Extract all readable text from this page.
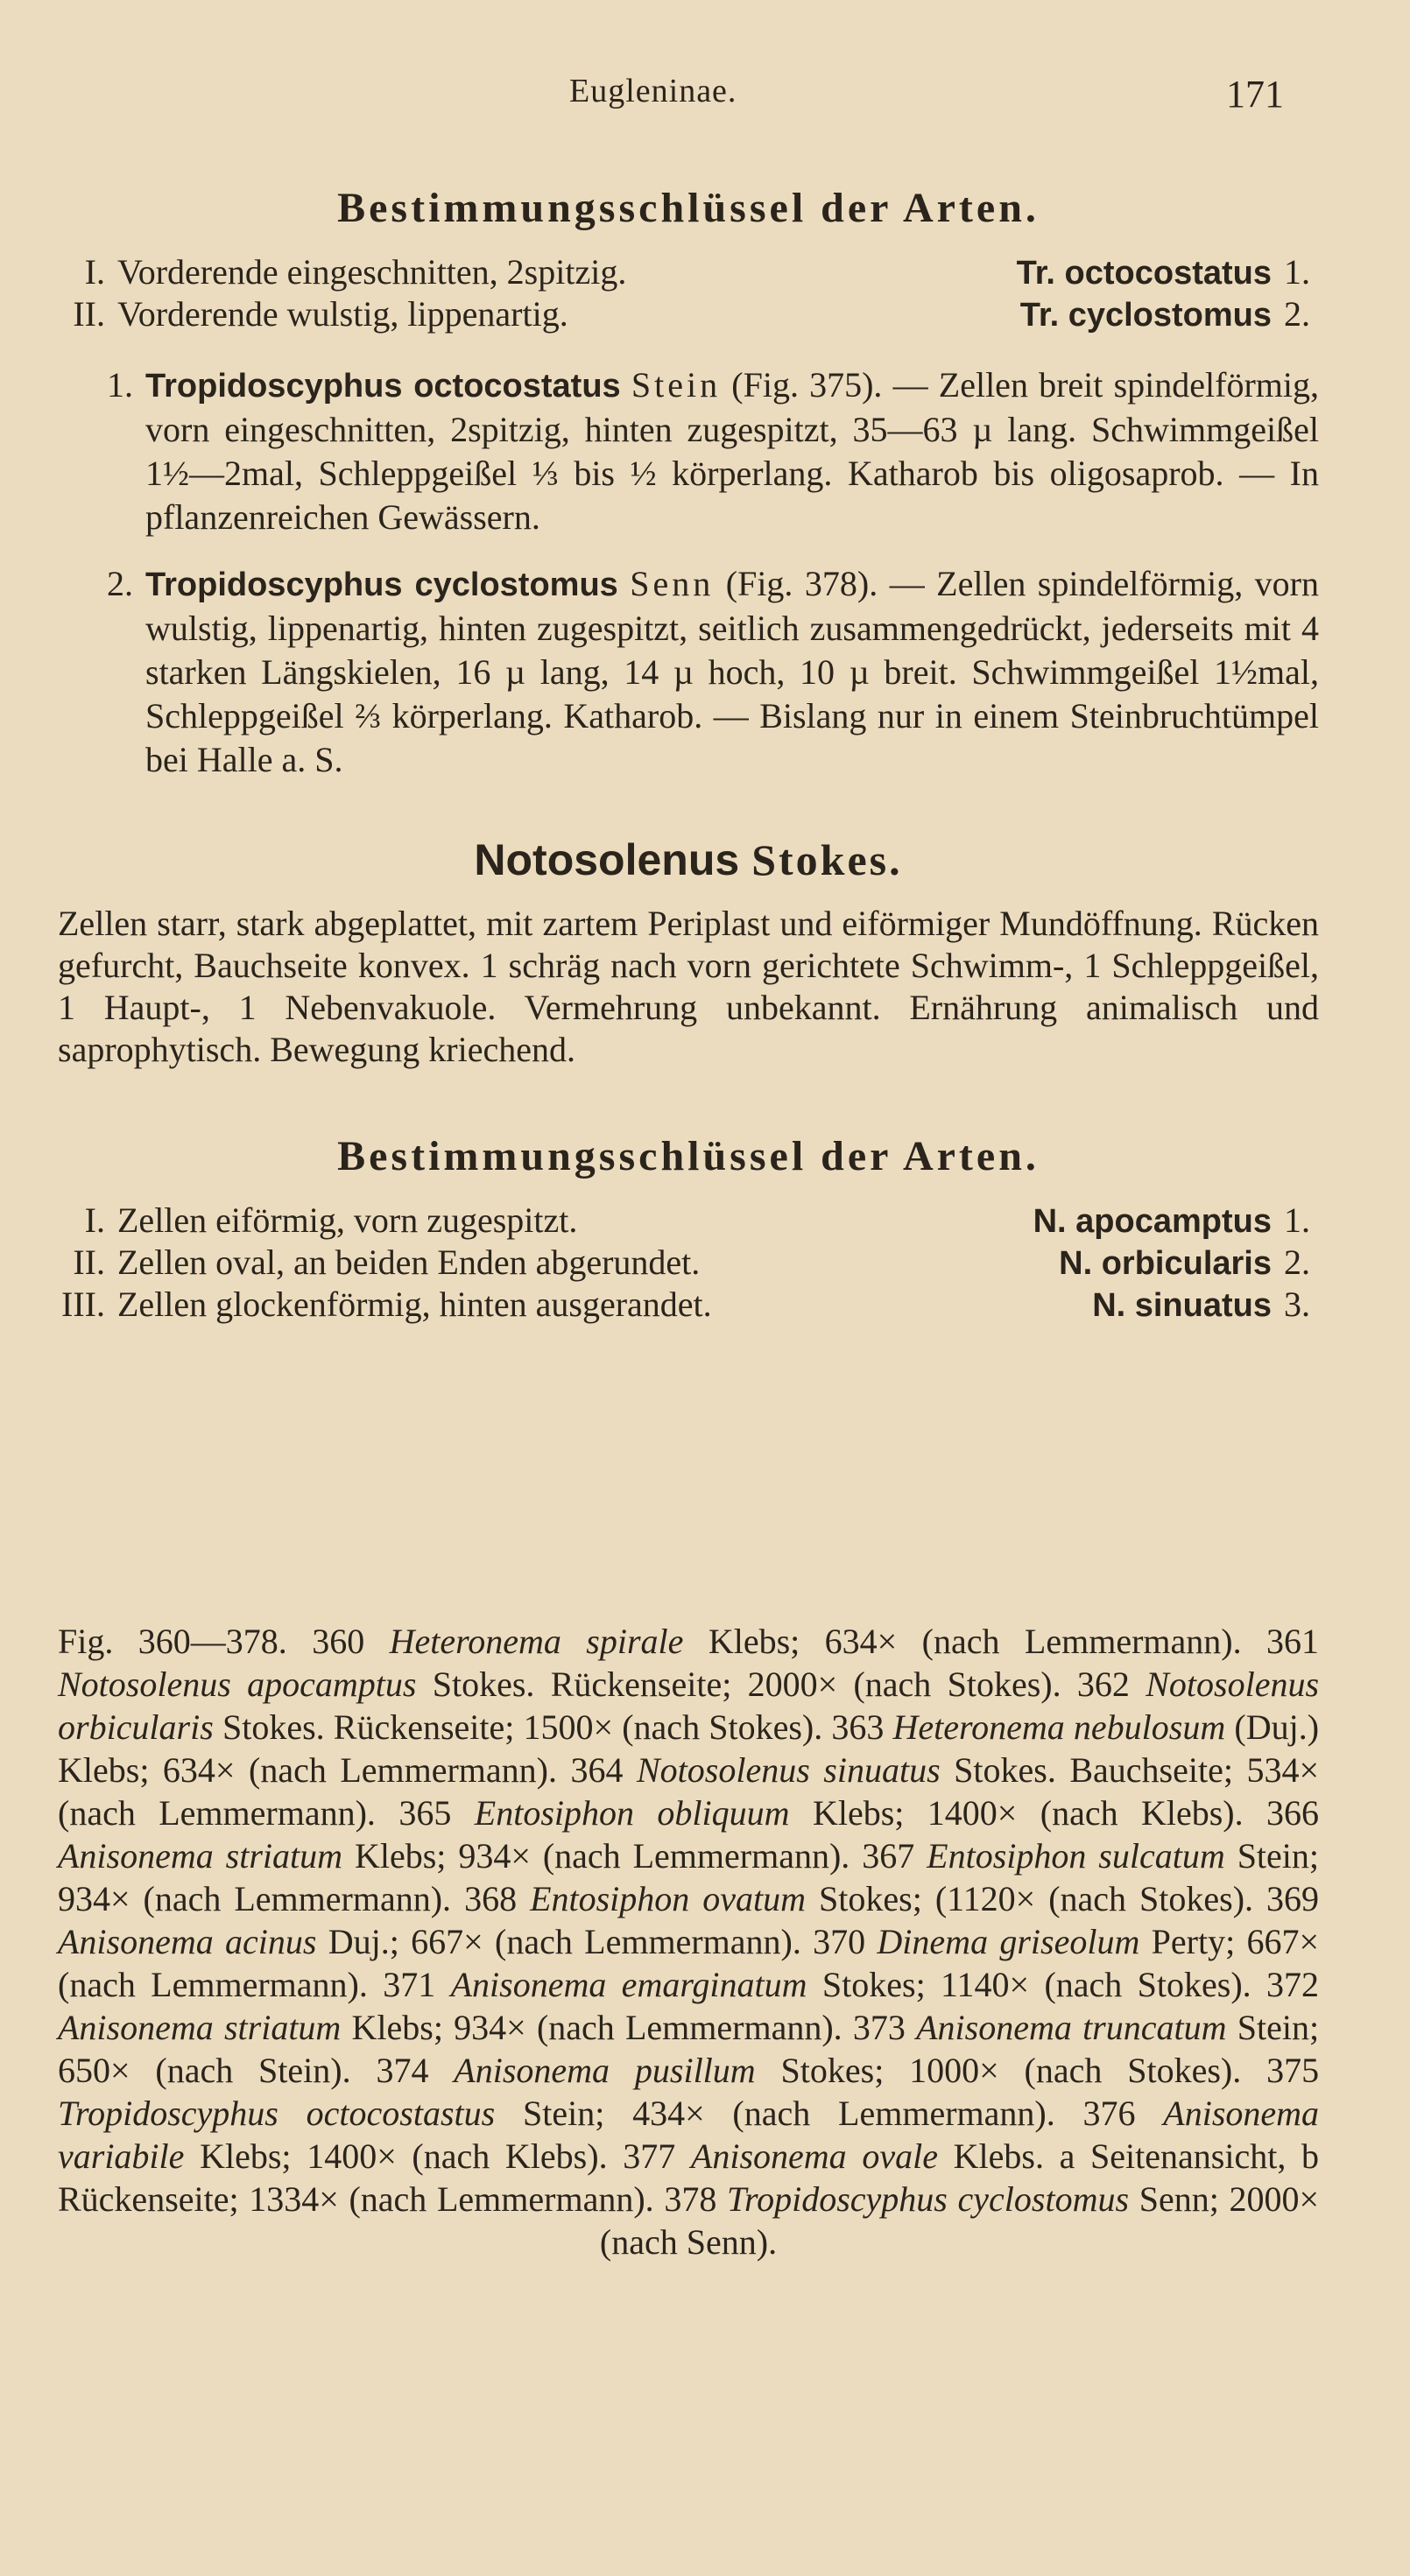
Eugleninae.	171
Bestimmungsschlüssel der Arten.
I. Vorderende eingeschnitten, 2spitzig.	Tr. octocostatus 1.
II. Vorderende wulstig, lippenartig.	Tr. cyclostomus 2.
1. Tropidoscyphus octocostatus Stein (Fig. 375). — Zellen breit spindelförmig, vorn eingeschnitten, 2spitzig, hinten zugespitzt, 35—63 µ lang. Schwimmgeißel 1½—2mal, Schleppgeißel ⅓ bis ½ körperlang. Katharob bis oligosaprob. — In pflanzenreichen Gewässern.

2. Tropidoscyphus cyclostomus Senn (Fig. 378). — Zellen spindelförmig, vorn wulstig, lippenartig, hinten zugespitzt, seitlich zusammengedrückt, jederseits mit 4 starken Längskielen, 16 µ lang, 14 µ hoch, 10 µ breit. Schwimmgeißel 1½mal, Schleppgeißel ⅔ körperlang. Katharob. — Bislang nur in einem Steinbruchtümpel bei Halle a. S.

Notosolenus Stokes.

Zellen starr, stark abgeplattet, mit zartem Periplast und eiförmiger Mundöffnung. Rücken gefurcht, Bauchseite konvex. 1 schräg nach vorn gerichtete Schwimm-, 1 Schleppgeißel, 1 Haupt-, 1 Nebenvakuole. Vermehrung unbekannt. Ernährung animalisch und saprophytisch. Bewegung kriechend.

Bestimmungsschlüssel der Arten.
I. Zellen eiförmig, vorn zugespitzt.	N. apocamptus 1.
II. Zellen oval, an beiden Enden abgerundet.	N. orbicularis 2.
III. Zellen glockenförmig, hinten ausgerandet.	N. sinuatus 3.

Fig. 360—378. 360 Heteronema spirale Klebs; 634× (nach Lemmermann). 361 Notosolenus apocamptus Stokes. Rückenseite; 2000× (nach Stokes). 362 Notosolenus orbicularis Stokes. Rückenseite; 1500× (nach Stokes). 363 Heteronema nebulosum (Duj.) Klebs; 634× (nach Lemmermann). 364 Notosolenus sinuatus Stokes. Bauchseite; 534× (nach Lemmermann). 365 Entosiphon obliquum Klebs; 1400× (nach Klebs). 366 Anisonema striatum Klebs; 934× (nach Lemmermann). 367 Entosiphon sulcatum Stein; 934× (nach Lemmermann). 368 Entosiphon ovatum Stokes; (1120× (nach Stokes). 369 Anisonema acinus Duj.; 667× (nach Lemmermann). 370 Dinema griseolum Perty; 667× (nach Lemmermann). 371 Anisonema emarginatum Stokes; 1140× (nach Stokes). 372 Anisonema striatum Klebs; 934× (nach Lemmermann). 373 Anisonema truncatum Stein; 650× (nach Stein). 374 Anisonema pusillum Stokes; 1000× (nach Stokes). 375 Tropidoscyphus octocostastus Stein; 434× (nach Lemmermann). 376 Anisonema variabile Klebs; 1400× (nach Klebs). 377 Anisonema ovale Klebs. a Seitenansicht, b Rückenseite; 1334× (nach Lemmermann). 378 Tropidoscyphus cyclostomus Senn; 2000× (nach Senn).
